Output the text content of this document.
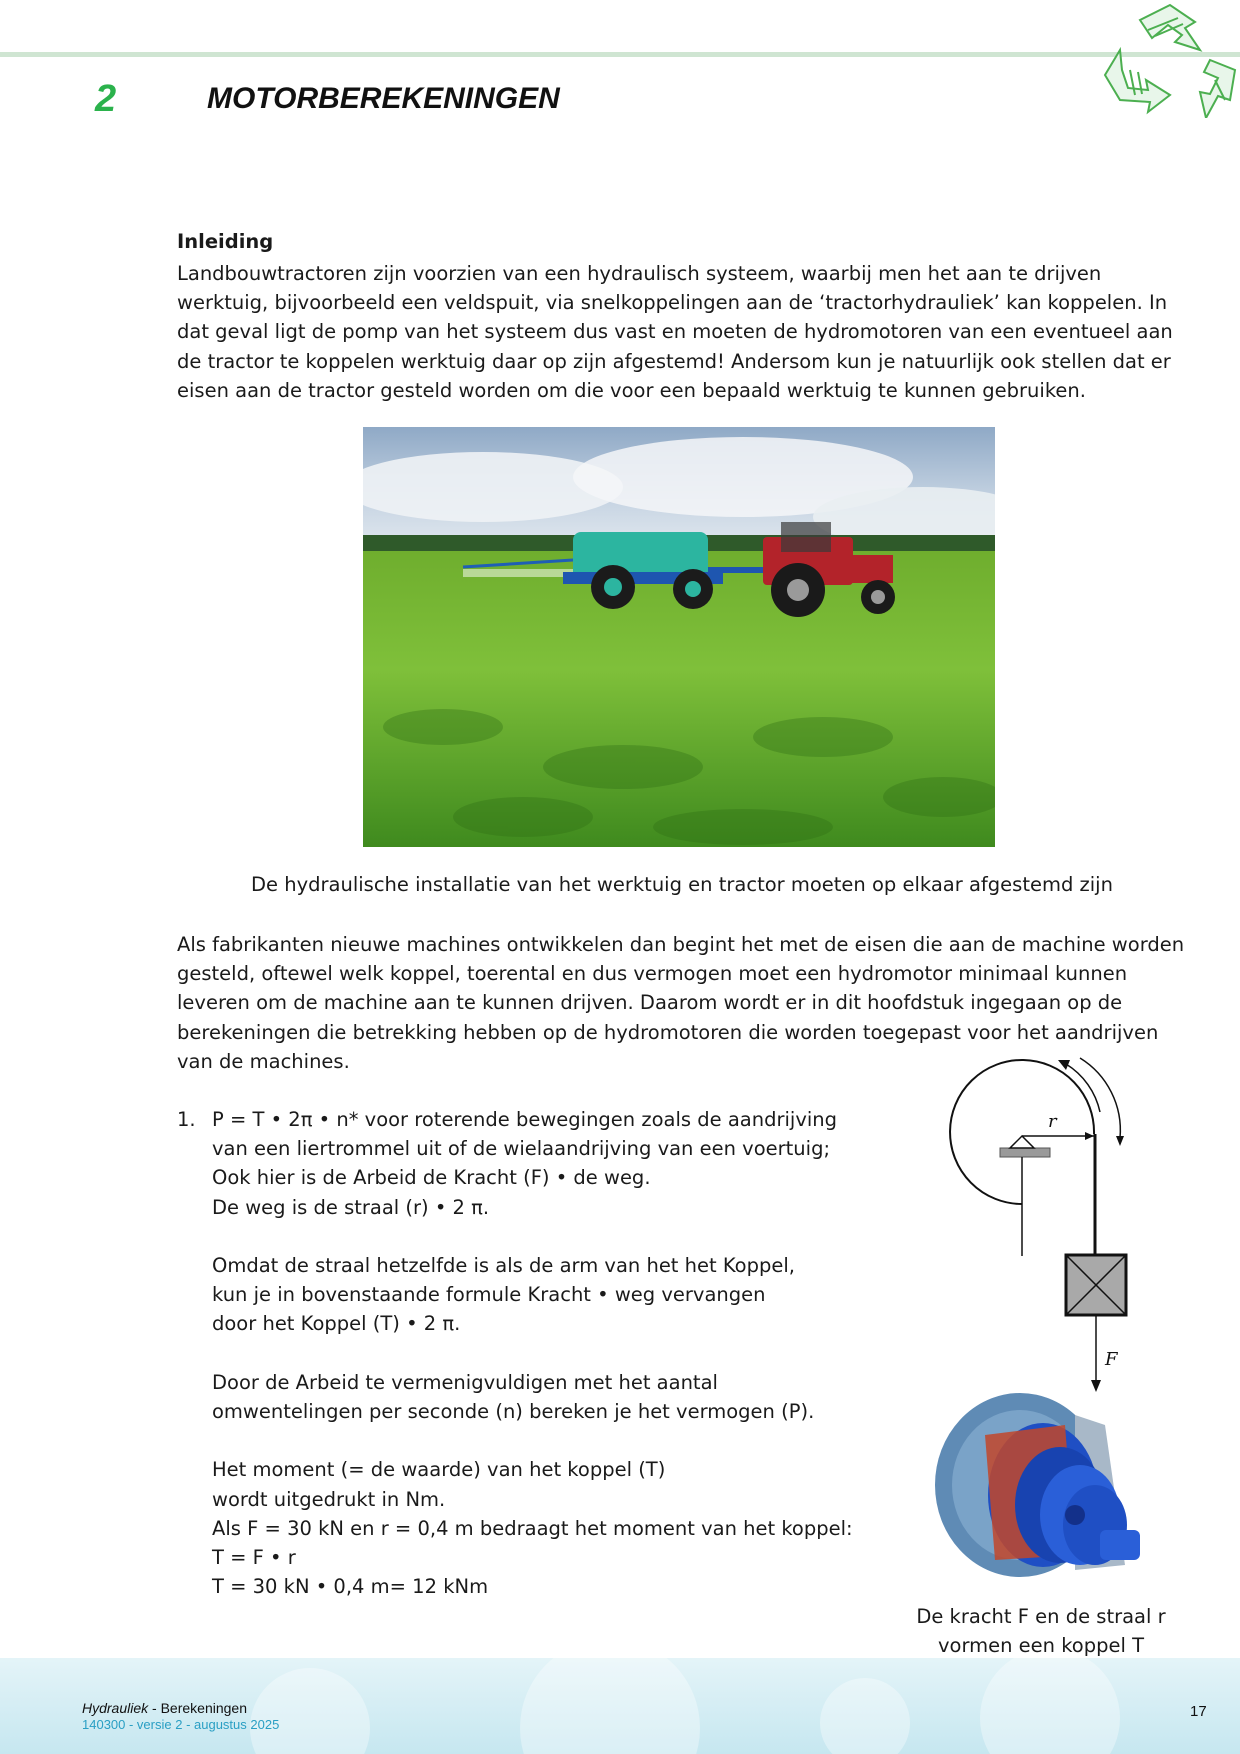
2	MOTORBEREKENINGEN
Inleiding
Landbouwtractoren zijn voorzien van een hydraulisch systeem, waarbij men het aan te drijven werktuig, bijvoorbeeld een veldspuit, via snelkoppelingen aan de ‘tractorhydrauliek’ kan koppelen. In dat geval ligt de pomp van het systeem dus vast en moeten de hydromotoren van een eventueel aan de tractor te koppelen werktuig daar op zijn afgestemd! Andersom kun je natuurlijk ook stellen dat er eisen aan de tractor gesteld worden om die voor een bepaald werktuig te kunnen gebruiken.
De hydraulische installatie van het werktuig en tractor moeten op elkaar afgestemd zijn
Als fabrikanten nieuwe machines ontwikkelen dan begint het met de eisen die aan de machine worden gesteld, oftewel welk koppel, toerental en dus vermogen moet een hydromotor minimaal kunnen leveren om de machine aan te kunnen drijven. Daarom wordt er in dit hoofdstuk ingegaan op de berekeningen die betrekking hebben op de hydromotoren die worden toegepast voor het aandrijven van de machines.
1. P = T • 2π • n* voor roterende bewegingen zoals de aandrijving
van een liertrommel uit of de wielaandrijving van een voertuig;
Ook hier is de Arbeid de Kracht (F) • de weg.
De weg is de straal (r) • 2 π.
Omdat de straal hetzelfde is als de arm van het het Koppel,
kun je in bovenstaande formule Kracht • weg vervangen
door het Koppel (T) • 2 π.
Door de Arbeid te vermenigvuldigen met het aantal
omwentelingen per seconde (n) bereken je het vermogen (P).
Het moment (= de waarde) van het koppel (T)
wordt uitgedrukt in Nm.
Als F = 30 kN en r = 0,4 m bedraagt het moment van het koppel:
T = F • r
T = 30 kN • 0,4 m= 12 kNm
r
F
De kracht F en de straal r
vormen een koppel T
Hydrauliek - Berekeningen
140300 - versie 2 - augustus 2025
17
